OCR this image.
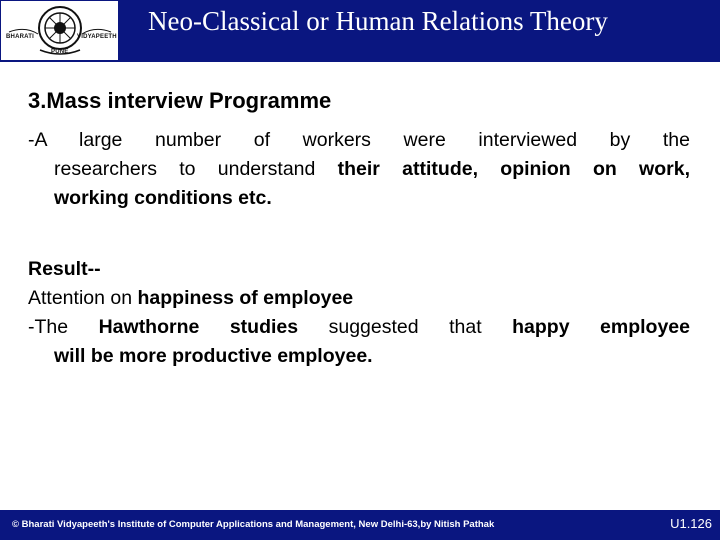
BHARATI	VIDYAPEETH
PUNE
Neo-Classical or Human Relations Theory
3.Mass interview Programme

-A large number of workers were interviewed by the

researchers to understand their attitude, opinion on work,

working conditions etc.

Result--

Attention on happiness of employee

-The Hawthorne studies suggested that happy employee

will be more productive employee.

© Bharati Vidyapeeth's Institute of Computer Applications and Management, New Delhi-63,by Nitish Pathak	U1.126
